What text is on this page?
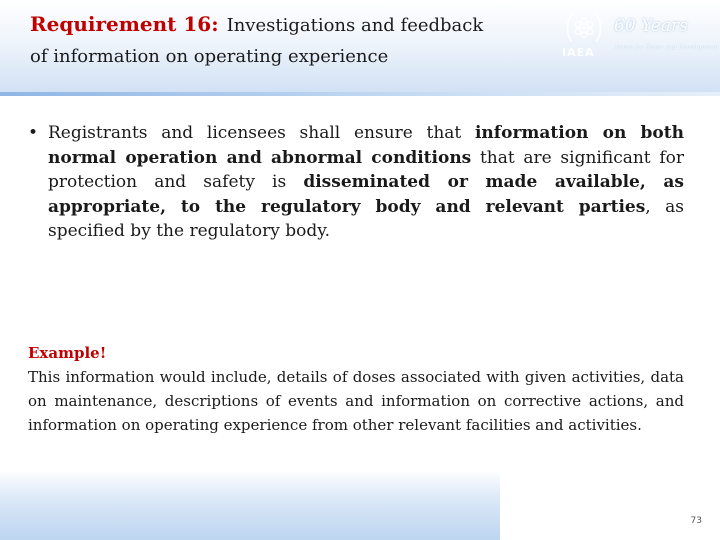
Requirement 16: Investigations and feedback
of information on operating experience	IAEA
60 Years
Atoms for Peace and Development
• Registrants and licensees shall ensure that information on both normal operation and abnormal conditions that are significant for protection and safety is disseminated or made available, as appropriate, to the regulatory body and relevant parties, as specified by the regulatory body.

Example!

This information would include, details of doses associated with given activities, data on maintenance, descriptions of events and information on corrective actions, and information on operating experience from other relevant facilities and activities.

73
